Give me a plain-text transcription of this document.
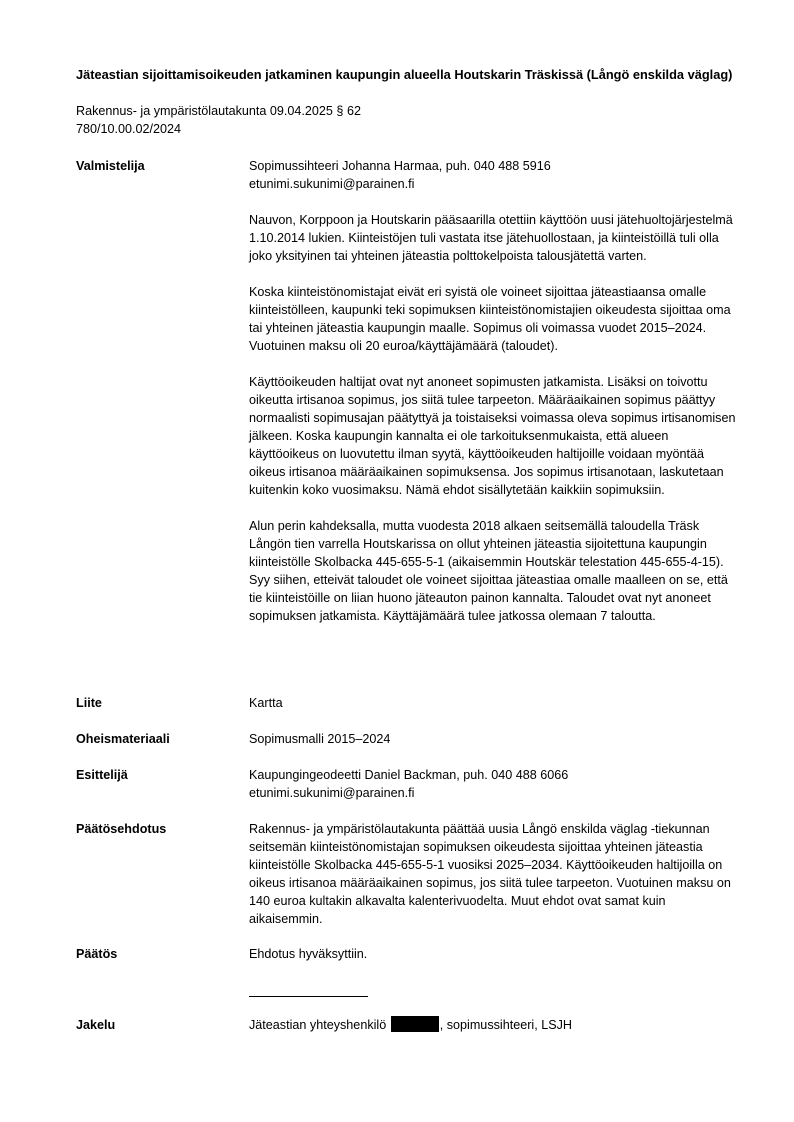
Jäteastian sijoittamisoikeuden jatkaminen kaupungin alueella Houtskarin Träskissä (Långö enskilda väglag)
Rakennus- ja ympäristölautakunta 09.04.2025 § 62
780/10.00.02/2024
Valmistelija	Sopimussihteeri Johanna Harmaa, puh. 040 488 5916
etunimi.sukunimi@parainen.fi

Nauvon, Korppoon ja Houtskarin pääsaarilla otettiin käyttöön uusi jätehuoltojärjestelmä 1.10.2014 lukien. Kiinteistöjen tuli vastata itse jätehuollostaan, ja kiinteistöillä tuli olla joko yksityinen tai yhteinen jäteastia polttokelpoista talousjätettä varten.

Koska kiinteistönomistajat eivät eri syistä ole voineet sijoittaa jäteastiaansa omalle kiinteistölleen, kaupunki teki sopimuksen kiinteistönomistajien oikeudesta sijoittaa oma tai yhteinen jäteastia kaupungin maalle. Sopimus oli voimassa vuodet 2015–2024. Vuotuinen maksu oli 20 euroa/käyttäjämäärä (taloudet).

Käyttöoikeuden haltijat ovat nyt anoneet sopimusten jatkamista. Lisäksi on toivottu oikeutta irtisanoa sopimus, jos siitä tulee tarpeeton. Määräaikainen sopimus päättyy normaalisti sopimusajan päätyttyä ja toistaiseksi voimassa oleva sopimus irtisanomisen jälkeen. Koska kaupungin kannalta ei ole tarkoituksenmukaista, että alueen käyttöoikeus on luovutettu ilman syytä, käyttöoikeuden haltijoille voidaan myöntää oikeus irtisanoa määräaikainen sopimuksensa. Jos sopimus irtisanotaan, laskutetaan kuitenkin koko vuosimaksu. Nämä ehdot sisällytetään kaikkiin sopimuksiin.

Alun perin kahdeksalla, mutta vuodesta 2018 alkaen seitsemällä taloudella Träsk Långön tien varrella Houtskarissa on ollut yhteinen jäteastia sijoitettuna kaupungin kiinteistölle Skolbacka 445-655-5-1 (aikaisemmin Houtskär telestation 445-655-4-15). Syy siihen, etteivät taloudet ole voineet sijoittaa jäteastiaa omalle maalleen on se, että tie kiinteistöille on liian huono jäteauton painon kannalta. Taloudet ovat nyt anoneet sopimuksen jatkamista. Käyttäjämäärä tulee jatkossa olemaan 7 taloutta.

Liite	Kartta
Oheismateriaali	Sopimusmalli 2015–2024
Esittelijä	Kaupungingeodeetti Daniel Backman, puh. 040 488 6066
etunimi.sukunimi@parainen.fi
Päätösehdotus	Rakennus- ja ympäristölautakunta päättää uusia Långö enskilda väglag -tiekunnan seitsemän kiinteistönomistajan sopimuksen oikeudesta sijoittaa yhteinen jäteastia kiinteistölle Skolbacka 445-655-5-1 vuosiksi 2025–2034. Käyttöoikeuden haltijoilla on oikeus irtisanoa määräaikainen sopimus, jos siitä tulee tarpeeton. Vuotuinen maksu on 140 euroa kultakin alkavalta kalenterivuodelta. Muut ehdot ovat samat kuin aikaisemmin.
Päätös	Ehdotus hyväksyttiin.
Jakelu	Jäteastian yhteyshenkilö	, sopimussihteeri, LSJH
